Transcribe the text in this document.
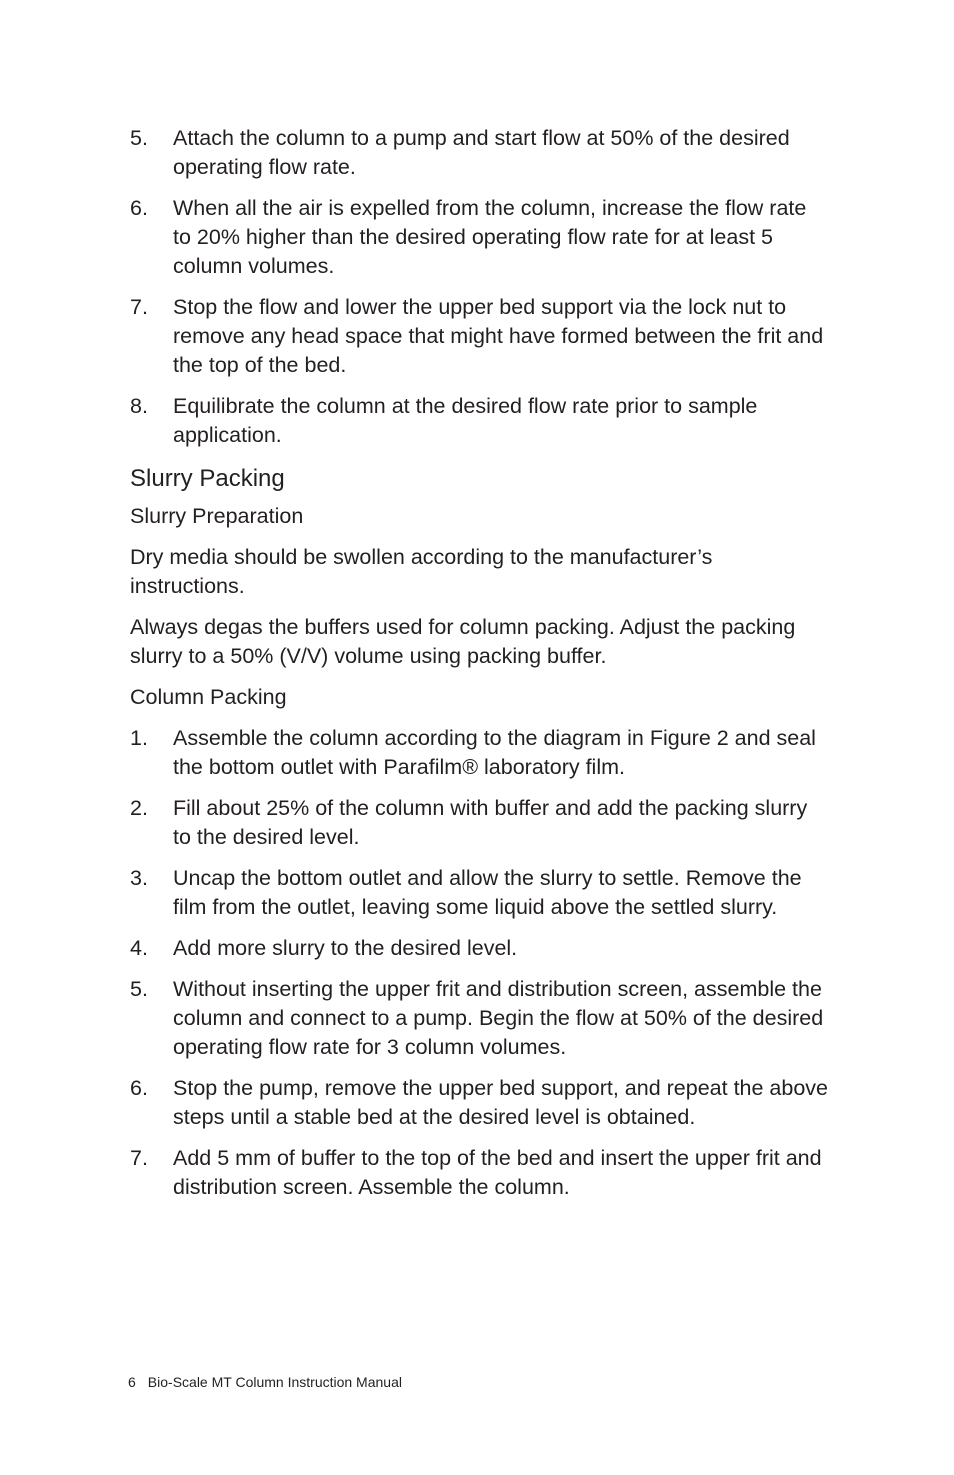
5. Attach the column to a pump and start flow at 50% of the desired operating flow rate.
6. When all the air is expelled from the column, increase the flow rate to 20% higher than the desired operating flow rate for at least 5 column volumes.
7. Stop the flow and lower the upper bed support via the lock nut to remove any head space that might have formed between the frit and the top of the bed.
8. Equilibrate the column at the desired flow rate prior to sample application.
Slurry Packing
Slurry Preparation

Dry media should be swollen according to the manufacturer’s instructions.

Always degas the buffers used for column packing. Adjust the packing slurry to a 50% (V/V) volume using packing buffer.

Column Packing
1. Assemble the column according to the diagram in Figure 2 and seal the bottom outlet with Parafilm® laboratory film.
2. Fill about 25% of the column with buffer and add the packing slurry to the desired level.
3. Uncap the bottom outlet and allow the slurry to settle. Remove the film from the outlet, leaving some liquid above the settled slurry.
4. Add more slurry to the desired level.
5. Without inserting the upper frit and distribution screen, assemble the column and connect to a pump. Begin the flow at 50% of the desired operating flow rate for 3 column volumes.
6. Stop the pump, remove the upper bed support, and repeat the above steps until a stable bed at the desired level is obtained.
7. Add 5 mm of buffer to the top of the bed and insert the upper frit and distribution screen. Assemble the column.
6 Bio-Scale MT Column Instruction Manual
